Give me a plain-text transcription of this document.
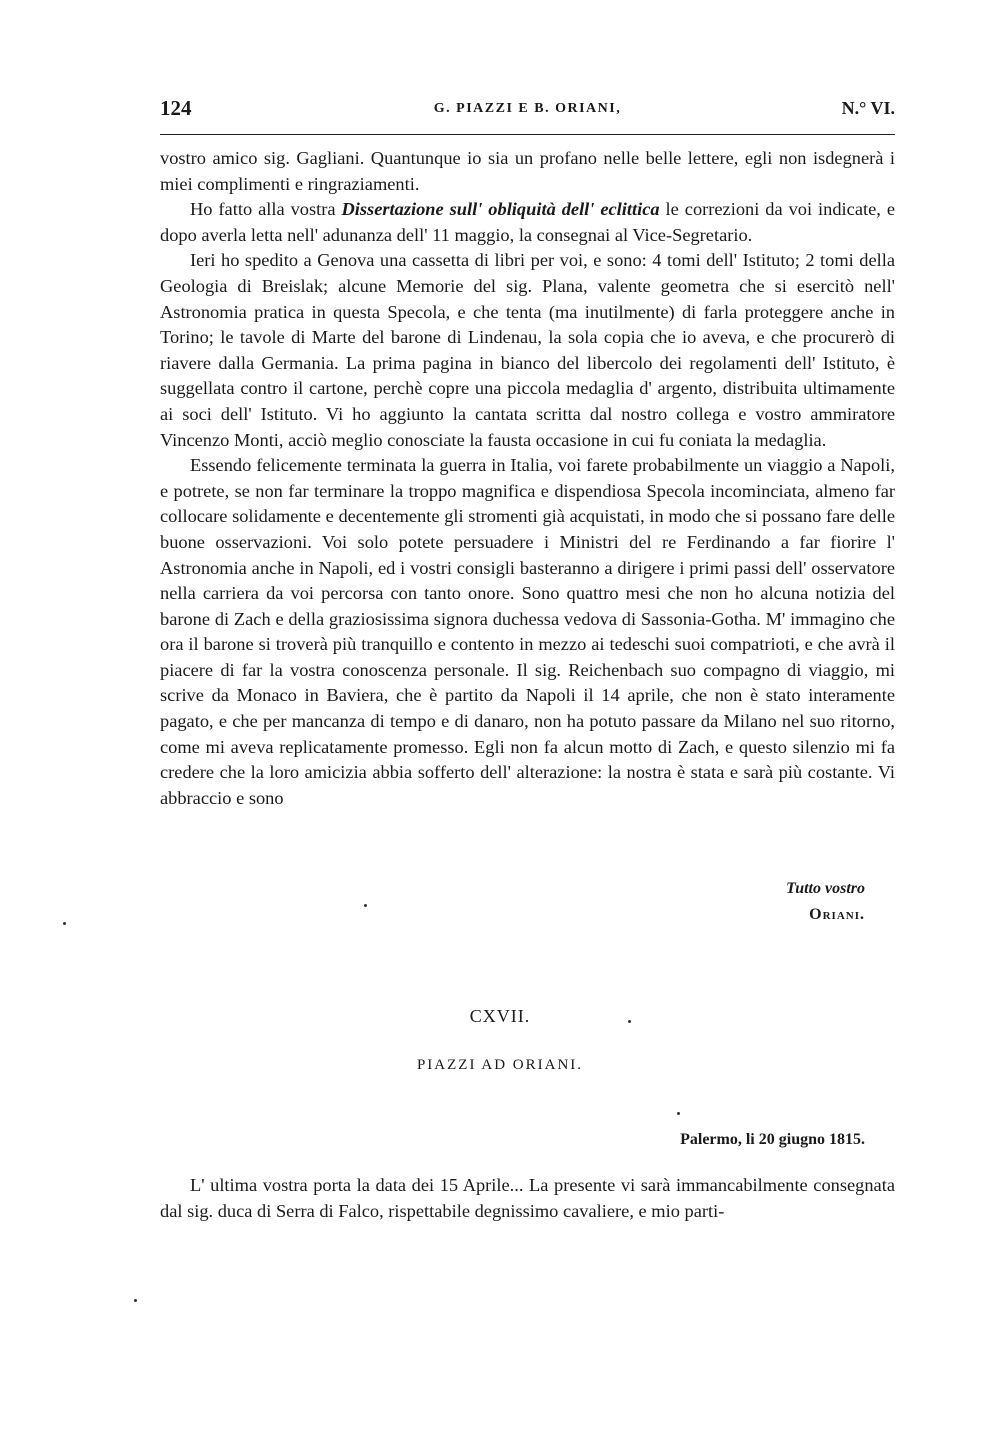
124	G. PIAZZI E B. ORIANI,	N.° VI.

vostro amico sig. Gagliani. Quantunque io sia un profano nelle belle lettere, egli non isdegnerà i miei complimenti e ringraziamenti.

Ho fatto alla vostra Dissertazione sull' obliquità dell' eclittica le correzioni da voi indicate, e dopo averla letta nell' adunanza dell' 11 maggio, la consegnai al Vice-Segretario.

Ieri ho spedito a Genova una cassetta di libri per voi, e sono: 4 tomi dell' Istituto; 2 tomi della Geologia di Breislak; alcune Memorie del sig. Plana, valente geometra che si esercitò nell' Astronomia pratica in questa Specola, e che tenta (ma inutilmente) di farla proteggere anche in Torino; le tavole di Marte del barone di Lindenau, la sola copia che io aveva, e che procurerò di riavere dalla Germania. La prima pagina in bianco del libercolo dei regolamenti dell' Istituto, è suggellata contro il cartone, perchè copre una piccola medaglia d' argento, distribuita ultimamente ai soci dell' Istituto. Vi ho aggiunto la cantata scritta dal nostro collega e vostro ammiratore Vincenzo Monti, acciò meglio conosciate la fausta occasione in cui fu coniata la medaglia.

Essendo felicemente terminata la guerra in Italia, voi farete probabilmente un viaggio a Napoli, e potrete, se non far terminare la troppo magnifica e dispendiosa Specola incominciata, almeno far collocare solidamente e decentemente gli stromenti già acquistati, in modo che si possano fare delle buone osservazioni. Voi solo potete persuadere i Ministri del re Ferdinando a far fiorire l' Astronomia anche in Napoli, ed i vostri consigli basteranno a dirigere i primi passi dell' osservatore nella carriera da voi percorsa con tanto onore. Sono quattro mesi che non ho alcuna notizia del barone di Zach e della graziosissima signora duchessa vedova di Sassonia-Gotha. M' immagino che ora il barone si troverà più tranquillo e contento in mezzo ai tedeschi suoi compatrioti, e che avrà il piacere di far la vostra conoscenza personale. Il sig. Reichenbach suo compagno di viaggio, mi scrive da Monaco in Baviera, che è partito da Napoli il 14 aprile, che non è stato interamente pagato, e che per mancanza di tempo e di danaro, non ha potuto passare da Milano nel suo ritorno, come mi aveva replicatamente promesso. Egli non fa alcun motto di Zach, e questo silenzio mi fa credere che la loro amicizia abbia sofferto dell' alterazione: la nostra è stata e sarà più costante. Vi abbraccio e sono

Tutto vostro
Oriani.
CXVII.
PIAZZI AD ORIANI.
Palermo, li 20 giugno 1815.

L' ultima vostra porta la data dei 15 Aprile... La presente vi sarà immancabilmente consegnata dal sig. duca di Serra di Falco, rispettabile degnissimo cavaliere, e mio parti-
